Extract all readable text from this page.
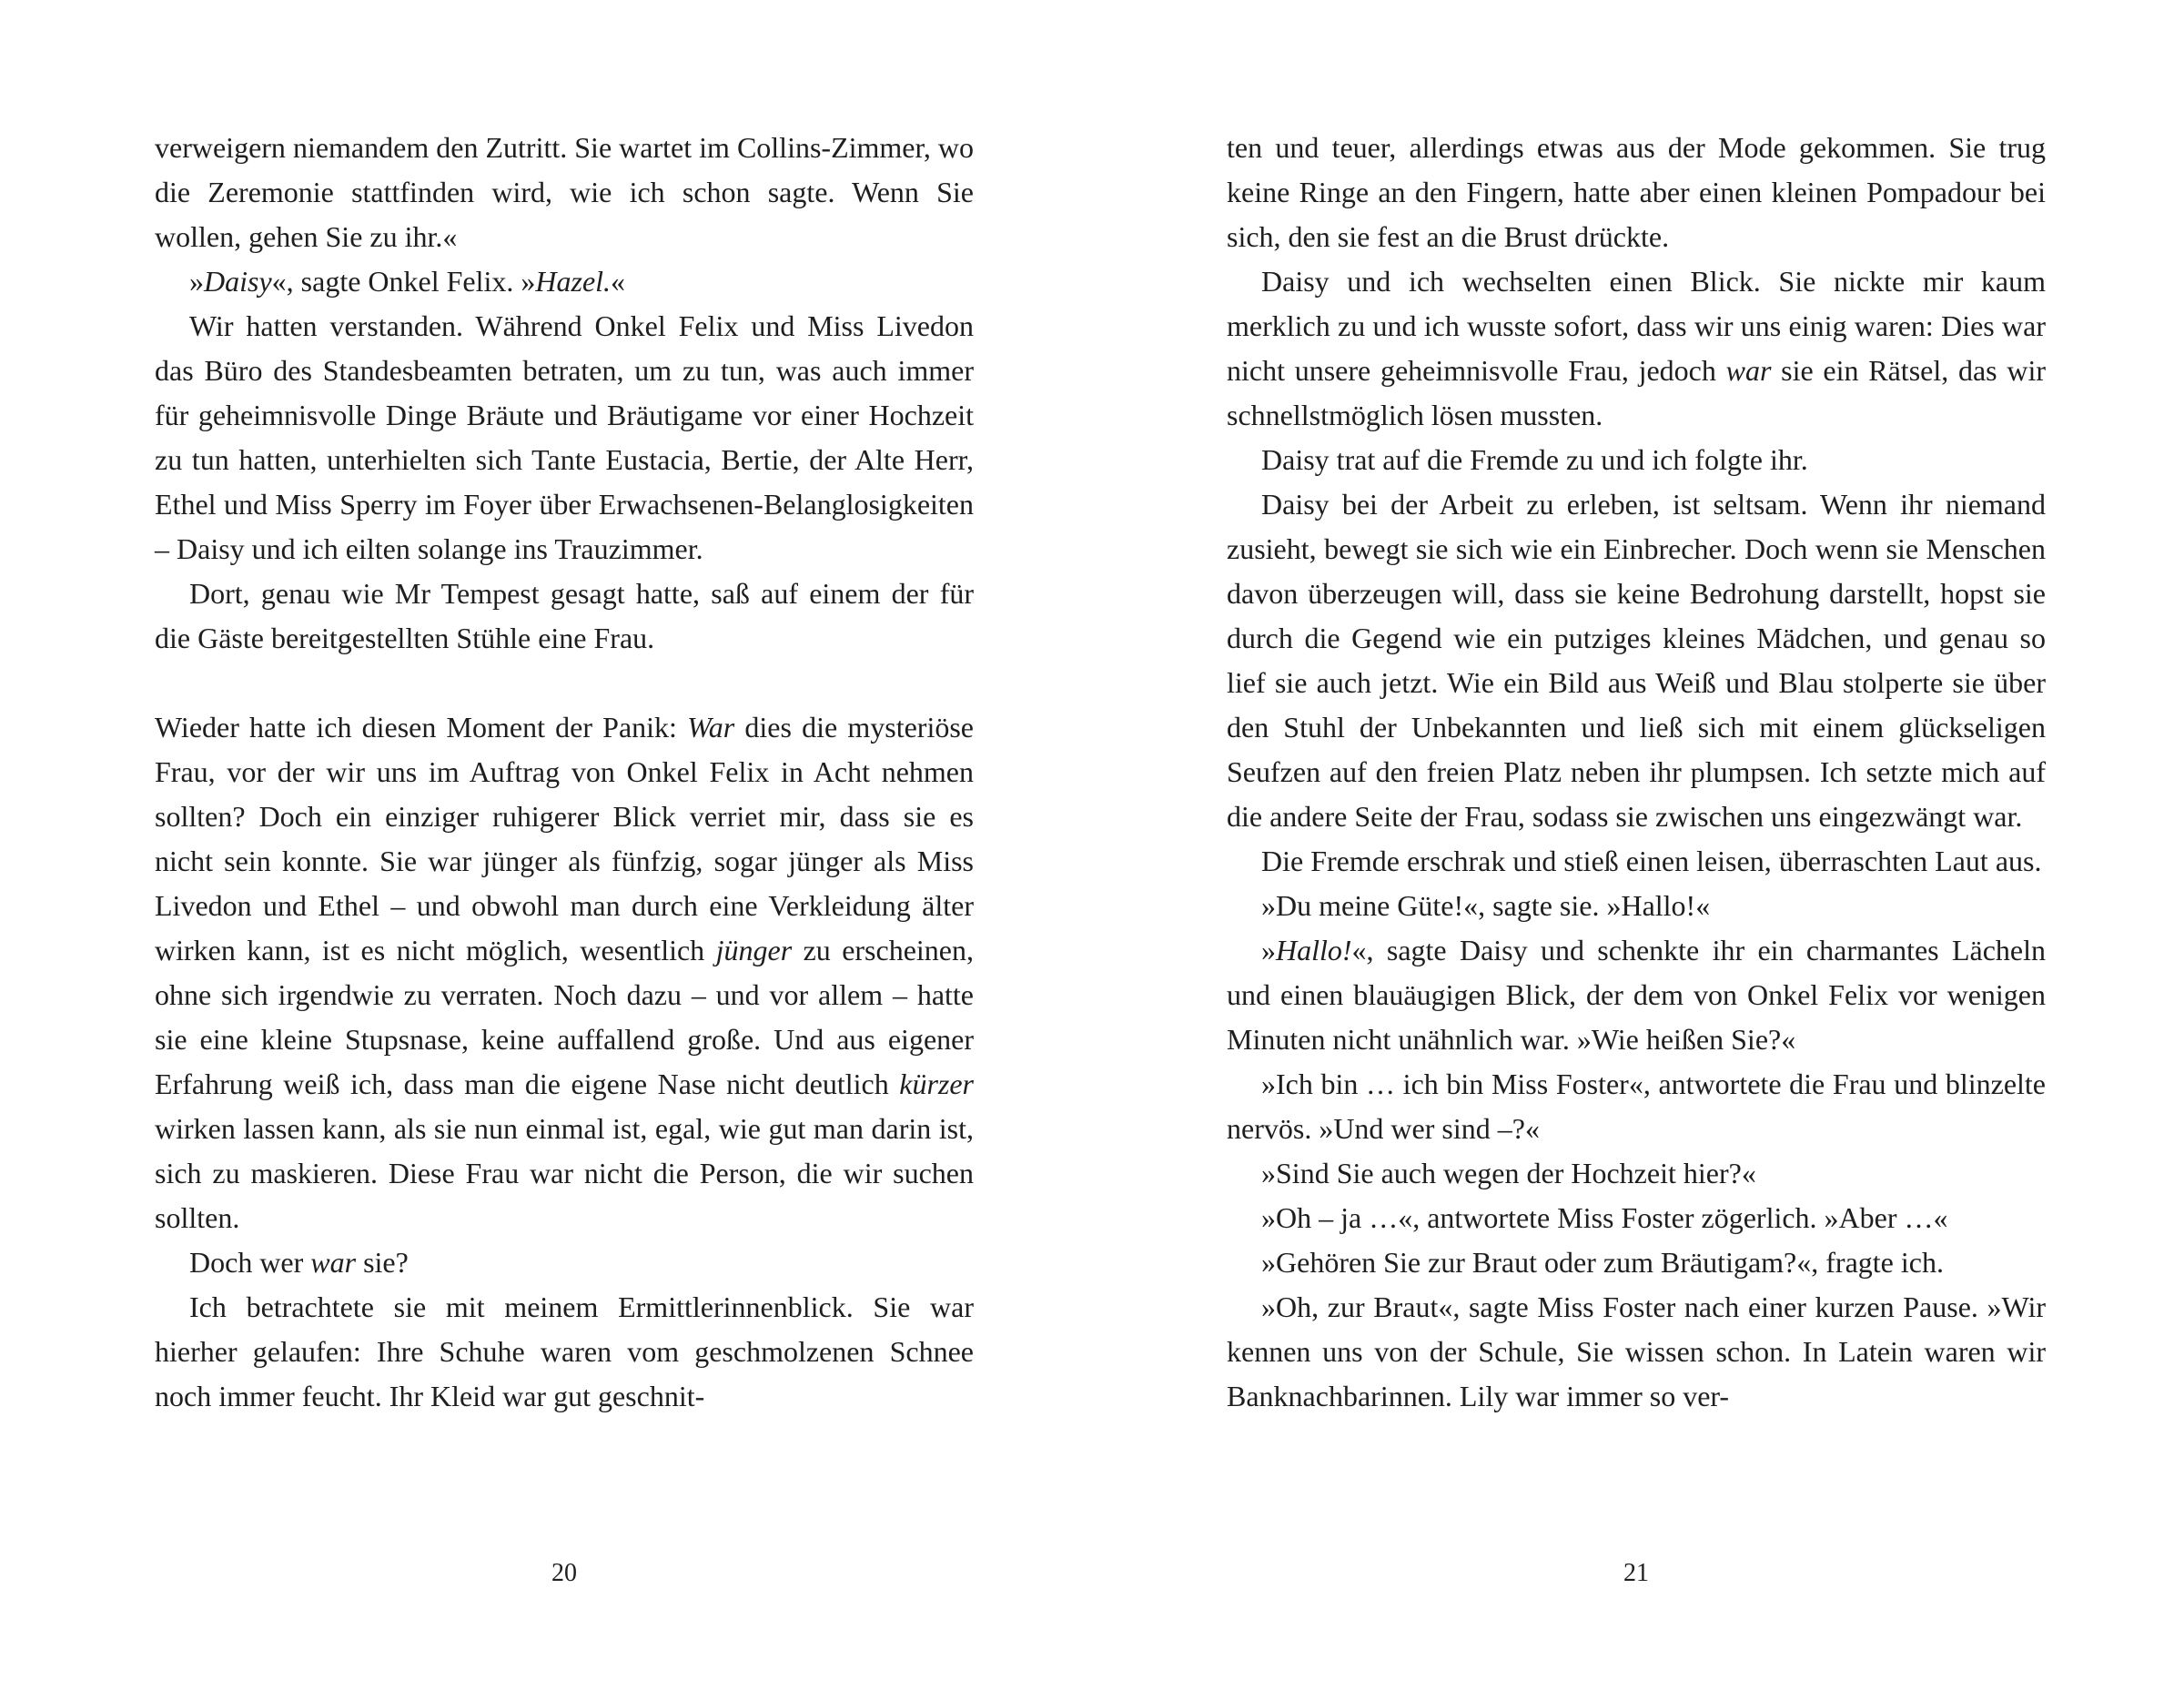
verweigern niemandem den Zutritt. Sie wartet im Collins-Zimmer, wo die Zeremonie stattfinden wird, wie ich schon sagte. Wenn Sie wollen, gehen Sie zu ihr.«

»Daisy«, sagte Onkel Felix. »Hazel.«

Wir hatten verstanden. Während Onkel Felix und Miss Livedon das Büro des Standesbeamten betraten, um zu tun, was auch immer für geheimnisvolle Dinge Bräute und Bräutigame vor einer Hochzeit zu tun hatten, unterhielten sich Tante Eustacia, Bertie, der Alte Herr, Ethel und Miss Sperry im Foyer über Erwachsenen-Belanglosigkeiten – Daisy und ich eilten solange ins Trauzimmer.

Dort, genau wie Mr Tempest gesagt hatte, saß auf einem der für die Gäste bereitgestellten Stühle eine Frau.

Wieder hatte ich diesen Moment der Panik: War dies die mysteriöse Frau, vor der wir uns im Auftrag von Onkel Felix in Acht nehmen sollten? Doch ein einziger ruhigerer Blick verriet mir, dass sie es nicht sein konnte. Sie war jünger als fünfzig, sogar jünger als Miss Livedon und Ethel – und obwohl man durch eine Verkleidung älter wirken kann, ist es nicht möglich, wesentlich jünger zu erscheinen, ohne sich irgendwie zu verraten. Noch dazu – und vor allem – hatte sie eine kleine Stupsnase, keine auffallend große. Und aus eigener Erfahrung weiß ich, dass man die eigene Nase nicht deutlich kürzer wirken lassen kann, als sie nun einmal ist, egal, wie gut man darin ist, sich zu maskieren. Diese Frau war nicht die Person, die wir suchen sollten.

Doch wer war sie?

Ich betrachtete sie mit meinem Ermittlerinnenblick. Sie war hierher gelaufen: Ihre Schuhe waren vom geschmolzenen Schnee noch immer feucht. Ihr Kleid war gut geschnit-

20

ten und teuer, allerdings etwas aus der Mode gekommen. Sie trug keine Ringe an den Fingern, hatte aber einen kleinen Pompadour bei sich, den sie fest an die Brust drückte.

Daisy und ich wechselten einen Blick. Sie nickte mir kaum merklich zu und ich wusste sofort, dass wir uns einig waren: Dies war nicht unsere geheimnisvolle Frau, jedoch war sie ein Rätsel, das wir schnellstmöglich lösen mussten.

Daisy trat auf die Fremde zu und ich folgte ihr.

Daisy bei der Arbeit zu erleben, ist seltsam. Wenn ihr niemand zusieht, bewegt sie sich wie ein Einbrecher. Doch wenn sie Menschen davon überzeugen will, dass sie keine Bedrohung darstellt, hopst sie durch die Gegend wie ein putziges kleines Mädchen, und genau so lief sie auch jetzt. Wie ein Bild aus Weiß und Blau stolperte sie über den Stuhl der Unbekannten und ließ sich mit einem glückseligen Seufzen auf den freien Platz neben ihr plumpsen. Ich setzte mich auf die andere Seite der Frau, sodass sie zwischen uns eingezwängt war.

Die Fremde erschrak und stieß einen leisen, überraschten Laut aus.

»Du meine Güte!«, sagte sie. »Hallo!«

»Hallo!«, sagte Daisy und schenkte ihr ein charmantes Lächeln und einen blauäugigen Blick, der dem von Onkel Felix vor wenigen Minuten nicht unähnlich war. »Wie heißen Sie?«

»Ich bin … ich bin Miss Foster«, antwortete die Frau und blinzelte nervös. »Und wer sind –?«

»Sind Sie auch wegen der Hochzeit hier?«

»Oh – ja …«, antwortete Miss Foster zögerlich. »Aber …«

»Gehören Sie zur Braut oder zum Bräutigam?«, fragte ich.

»Oh, zur Braut«, sagte Miss Foster nach einer kurzen Pause. »Wir kennen uns von der Schule, Sie wissen schon. In Latein waren wir Banknachbarinnen. Lily war immer so ver-

21
